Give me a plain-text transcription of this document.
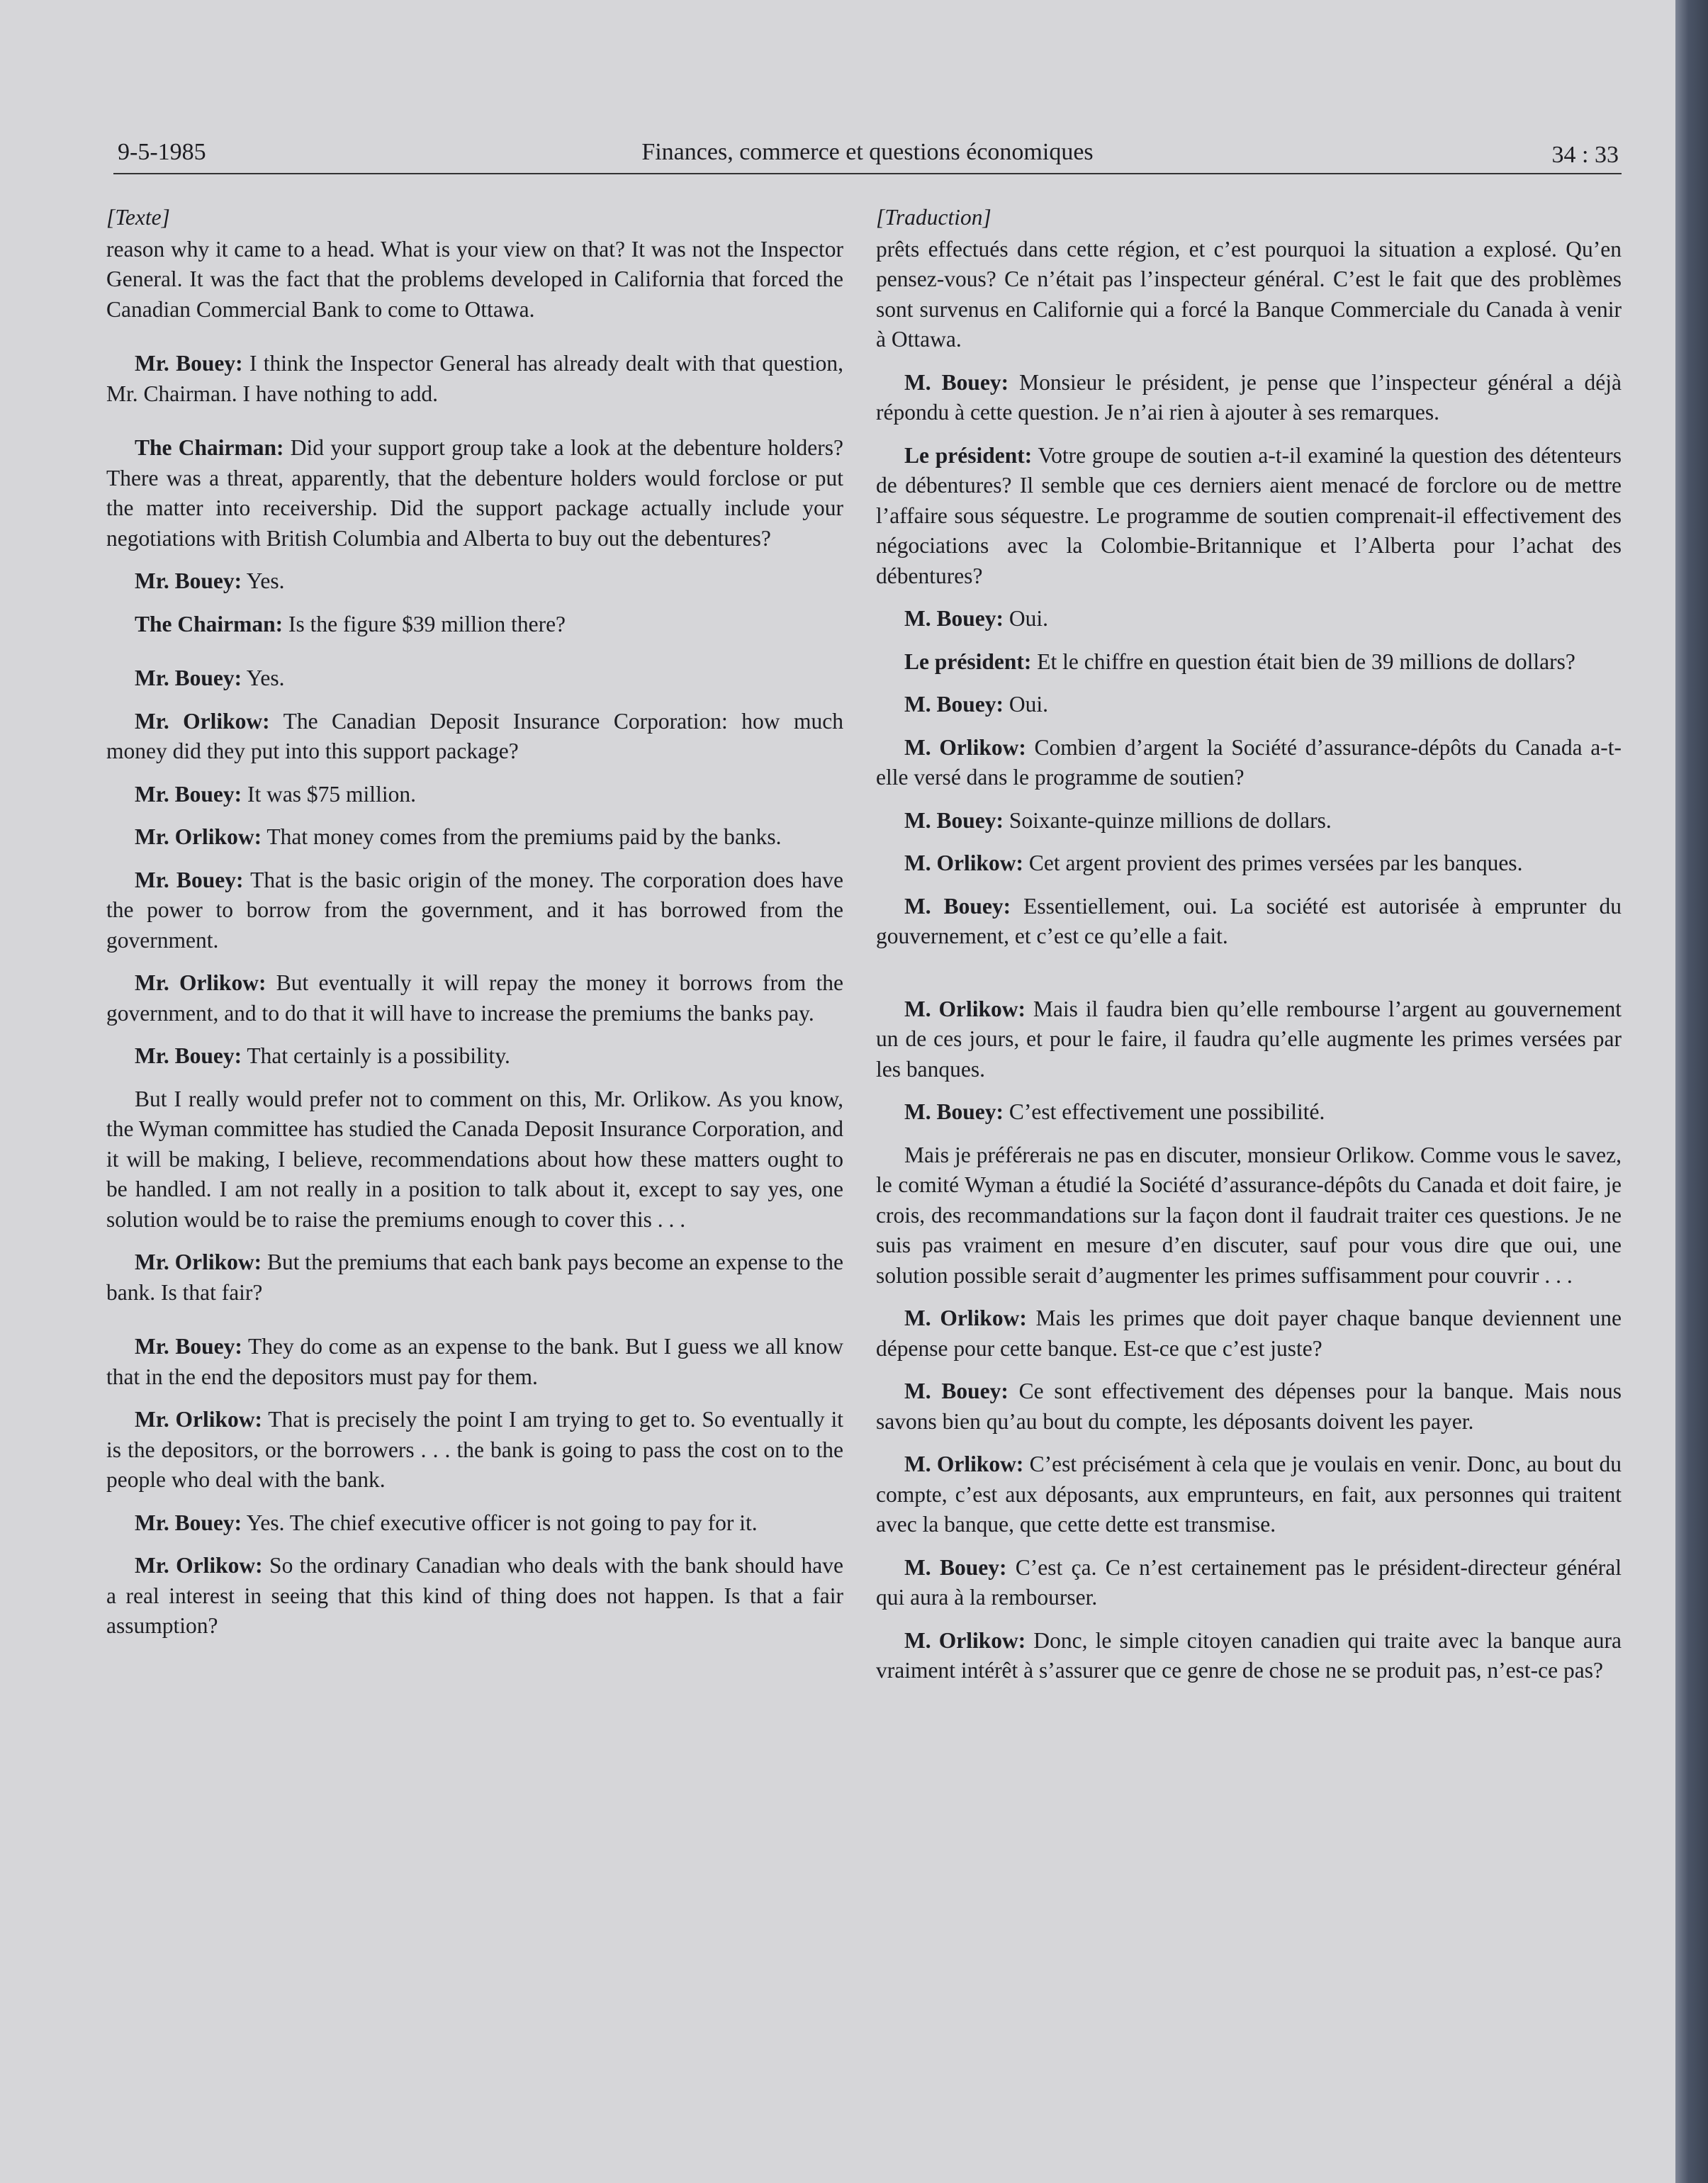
9-5-1985	Finances, commerce et questions économiques	34 : 33
[Texte]

reason why it came to a head. What is your view on that? It was not the Inspector General. It was the fact that the problems developed in California that forced the Canadian Commercial Bank to come to Ottawa.

Mr. Bouey: I think the Inspector General has already dealt with that question, Mr. Chairman. I have nothing to add.

The Chairman: Did your support group take a look at the debenture holders? There was a threat, apparently, that the debenture holders would forclose or put the matter into receivership. Did the support package actually include your negotiations with British Columbia and Alberta to buy out the debentures?

Mr. Bouey: Yes.

The Chairman: Is the figure $39 million there?

Mr. Bouey: Yes.

Mr. Orlikow: The Canadian Deposit Insurance Corporation: how much money did they put into this support package?

Mr. Bouey: It was $75 million.

Mr. Orlikow: That money comes from the premiums paid by the banks.

Mr. Bouey: That is the basic origin of the money. The corporation does have the power to borrow from the government, and it has borrowed from the government.

Mr. Orlikow: But eventually it will repay the money it borrows from the government, and to do that it will have to increase the premiums the banks pay.

Mr. Bouey: That certainly is a possibility.

But I really would prefer not to comment on this, Mr. Orlikow. As you know, the Wyman committee has studied the Canada Deposit Insurance Corporation, and it will be making, I believe, recommendations about how these matters ought to be handled. I am not really in a position to talk about it, except to say yes, one solution would be to raise the premiums enough to cover this . . .

Mr. Orlikow: But the premiums that each bank pays become an expense to the bank. Is that fair?

Mr. Bouey: They do come as an expense to the bank. But I guess we all know that in the end the depositors must pay for them.

Mr. Orlikow: That is precisely the point I am trying to get to. So eventually it is the depositors, or the borrowers . . . the bank is going to pass the cost on to the people who deal with the bank.

Mr. Bouey: Yes. The chief executive officer is not going to pay for it.

Mr. Orlikow: So the ordinary Canadian who deals with the bank should have a real interest in seeing that this kind of thing does not happen. Is that a fair assumption?

[Traduction]

prêts effectués dans cette région, et c’est pourquoi la situation a explosé. Qu’en pensez-vous? Ce n’était pas l’inspecteur général. C’est le fait que des problèmes sont survenus en Californie qui a forcé la Banque Commerciale du Canada à venir à Ottawa.

M. Bouey: Monsieur le président, je pense que l’inspecteur général a déjà répondu à cette question. Je n’ai rien à ajouter à ses remarques.

Le président: Votre groupe de soutien a-t-il examiné la question des détenteurs de débentures? Il semble que ces derniers aient menacé de forclore ou de mettre l’affaire sous séquestre. Le programme de soutien comprenait-il effectivement des négociations avec la Colombie-Britannique et l’Alberta pour l’achat des débentures?

M. Bouey: Oui.

Le président: Et le chiffre en question était bien de 39 millions de dollars?

M. Bouey: Oui.

M. Orlikow: Combien d’argent la Société d’assurance-dépôts du Canada a-t-elle versé dans le programme de soutien?

M. Bouey: Soixante-quinze millions de dollars.

M. Orlikow: Cet argent provient des primes versées par les banques.

M. Bouey: Essentiellement, oui. La société est autorisée à emprunter du gouvernement, et c’est ce qu’elle a fait.

M. Orlikow: Mais il faudra bien qu’elle rembourse l’argent au gouvernement un de ces jours, et pour le faire, il faudra qu’elle augmente les primes versées par les banques.

M. Bouey: C’est effectivement une possibilité.

Mais je préférerais ne pas en discuter, monsieur Orlikow. Comme vous le savez, le comité Wyman a étudié la Société d’assurance-dépôts du Canada et doit faire, je crois, des recommandations sur la façon dont il faudrait traiter ces questions. Je ne suis pas vraiment en mesure d’en discuter, sauf pour vous dire que oui, une solution possible serait d’augmenter les primes suffisamment pour couvrir . . .

M. Orlikow: Mais les primes que doit payer chaque banque deviennent une dépense pour cette banque. Est-ce que c’est juste?

M. Bouey: Ce sont effectivement des dépenses pour la banque. Mais nous savons bien qu’au bout du compte, les déposants doivent les payer.

M. Orlikow: C’est précisément à cela que je voulais en venir. Donc, au bout du compte, c’est aux déposants, aux emprunteurs, en fait, aux personnes qui traitent avec la banque, que cette dette est transmise.

M. Bouey: C’est ça. Ce n’est certainement pas le président-directeur général qui aura à la rembourser.

M. Orlikow: Donc, le simple citoyen canadien qui traite avec la banque aura vraiment intérêt à s’assurer que ce genre de chose ne se produit pas, n’est-ce pas?
